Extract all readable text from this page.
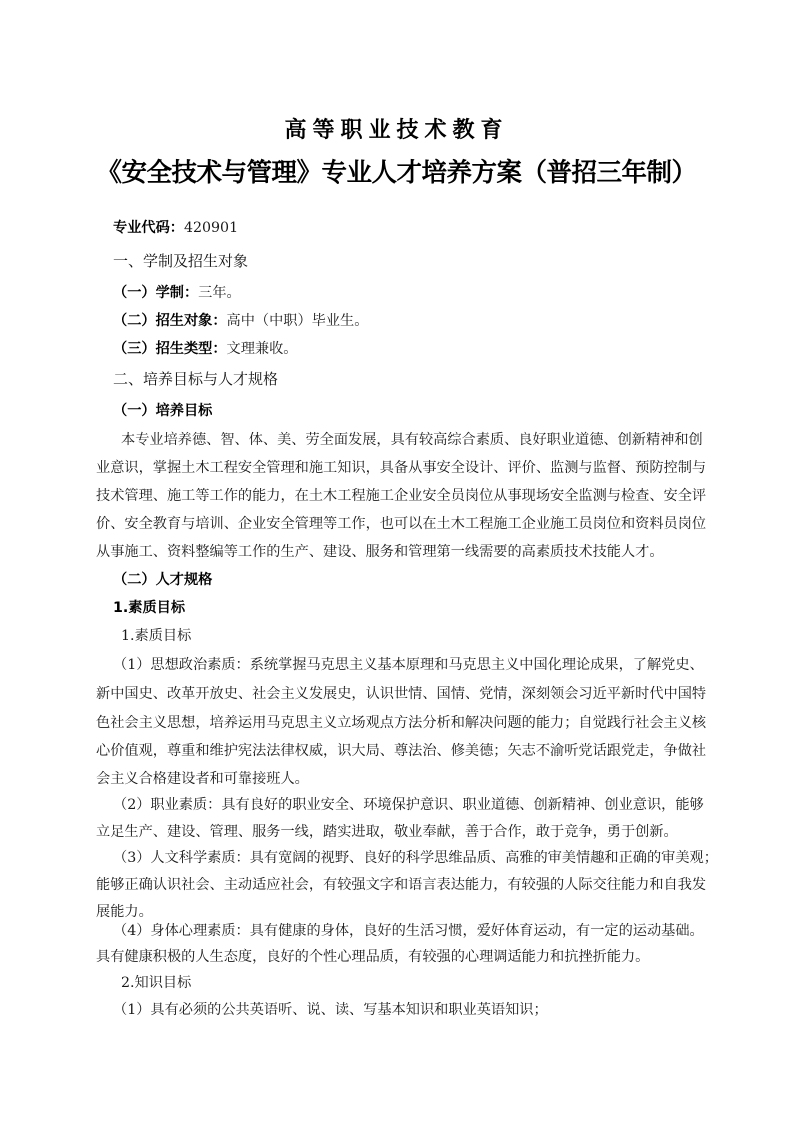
高等职业技术教育
《安全技术与管理》专业人才培养方案（普招三年制）
专业代码：420901
一、学制及招生对象
（一）学制：三年。
（二）招生对象：高中（中职）毕业生。
（三）招生类型：文理兼收。
二、培养目标与人才规格
（一）培养目标
本专业培养德、智、体、美、劳全面发展，具有较高综合素质、良好职业道德、创新精神和创
业意识，掌握土木工程安全管理和施工知识，具备从事安全设计、评价、监测与监督、预防控制与
技术管理、施工等工作的能力，在土木工程施工企业安全员岗位从事现场安全监测与检查、安全评
价、安全教育与培训、企业安全管理等工作，也可以在土木工程施工企业施工员岗位和资料员岗位
从事施工、资料整编等工作的生产、建设、服务和管理第一线需要的高素质技术技能人才。
（二）人才规格
1.素质目标
1.素质目标
（1）思想政治素质：系统掌握马克思主义基本原理和马克思主义中国化理论成果，了解党史、
新中国史、改革开放史、社会主义发展史，认识世情、国情、党情，深刻领会习近平新时代中国特
色社会主义思想，培养运用马克思主义立场观点方法分析和解决问题的能力；自觉践行社会主义核
心价值观，尊重和维护宪法法律权威，识大局、尊法治、修美德；矢志不渝听党话跟党走，争做社
会主义合格建设者和可靠接班人。
（2）职业素质：具有良好的职业安全、环境保护意识、职业道德、创新精神、创业意识，能够
立足生产、建设、管理、服务一线，踏实进取，敬业奉献，善于合作，敢于竞争，勇于创新。
（3）人文科学素质：具有宽阔的视野、良好的科学思维品质、高雅的审美情趣和正确的审美观；
能够正确认识社会、主动适应社会，有较强文字和语言表达能力，有较强的人际交往能力和自我发
展能力。
（4）身体心理素质：具有健康的身体，良好的生活习惯，爱好体育运动，有一定的运动基础。
具有健康积极的人生态度，良好的个性心理品质，有较强的心理调适能力和抗挫折能力。
2.知识目标
（1）具有必须的公共英语听、说、读、写基本知识和职业英语知识；
